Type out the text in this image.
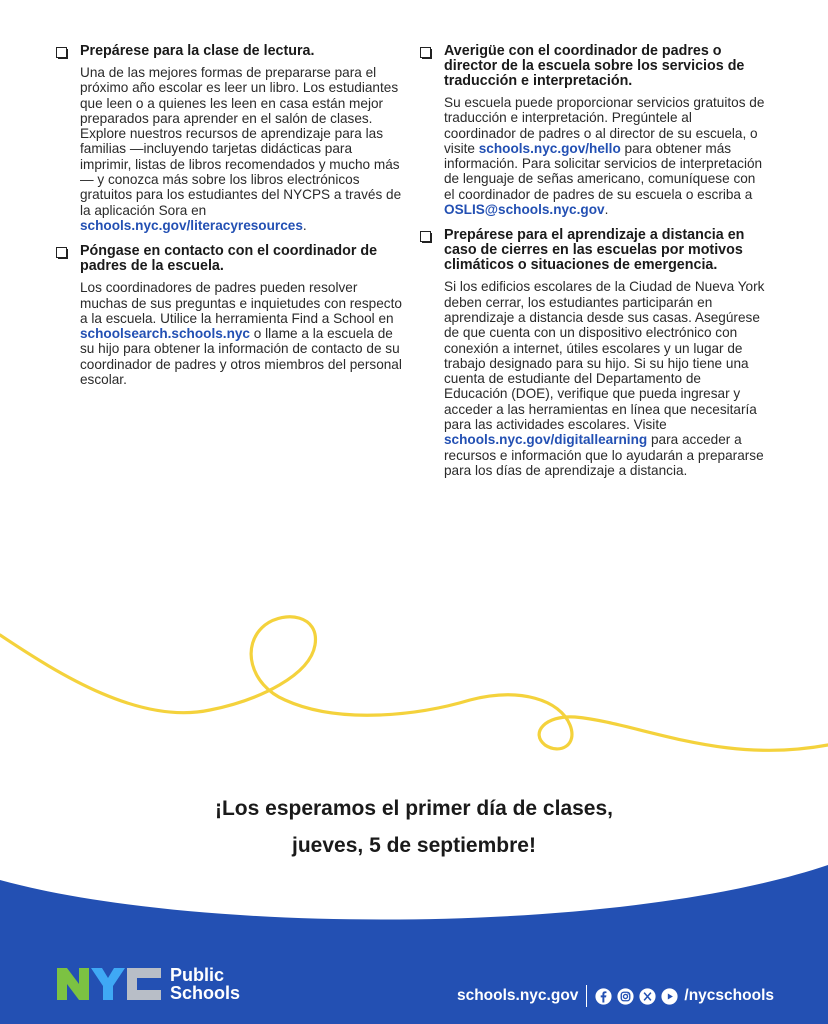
Prepárese para la clase de lectura.

Una de las mejores formas de prepararse para el próximo año escolar es leer un libro. Los estudiantes que leen o a quienes les leen en casa están mejor preparados para aprender en el salón de clases. Explore nuestros recursos de aprendizaje para las familias —incluyendo tarjetas didácticas para imprimir, listas de libros recomendados y mucho más— y conozca más sobre los libros electrónicos gratuitos para los estudiantes del NYCPS a través de la aplicación Sora en schools.nyc.gov/literacyresources.

Póngase en contacto con el coordinador de padres de la escuela.

Los coordinadores de padres pueden resolver muchas de sus preguntas e inquietudes con respecto a la escuela. Utilice la herramienta Find a School en schoolsearch.schools.nyc o llame a la escuela de su hijo para obtener la información de contacto de su coordinador de padres y otros miembros del personal escolar.

Averigüe con el coordinador de padres o director de la escuela sobre los servicios de traducción e interpretación.

Su escuela puede proporcionar servicios gratuitos de traducción e interpretación. Pregúntele al coordinador de padres o al director de su escuela, o visite schools.nyc.gov/hello para obtener más información. Para solicitar servicios de interpretación de lenguaje de señas americano, comuníquese con el coordinador de padres de su escuela o escriba a OSLIS@schools.nyc.gov.

Prepárese para el aprendizaje a distancia en caso de cierres en las escuelas por motivos climáticos o situaciones de emergencia.

Si los edificios escolares de la Ciudad de Nueva York deben cerrar, los estudiantes participarán en aprendizaje a distancia desde sus casas. Asegúrese de que cuenta con un dispositivo electrónico con conexión a internet, útiles escolares y un lugar de trabajo designado para su hijo. Si su hijo tiene una cuenta de estudiante del Departamento de Educación (DOE), verifique que pueda ingresar y acceder a las herramientas en línea que necesitaría para las actividades escolares. Visite schools.nyc.gov/digitallearning para acceder a recursos e información que lo ayudarán a prepararse para los días de aprendizaje a distancia.

¡Los esperamos el primer día de clases,
jueves, 5 de septiembre!
Public
Schools	schools.nyc.gov	/nycschools
